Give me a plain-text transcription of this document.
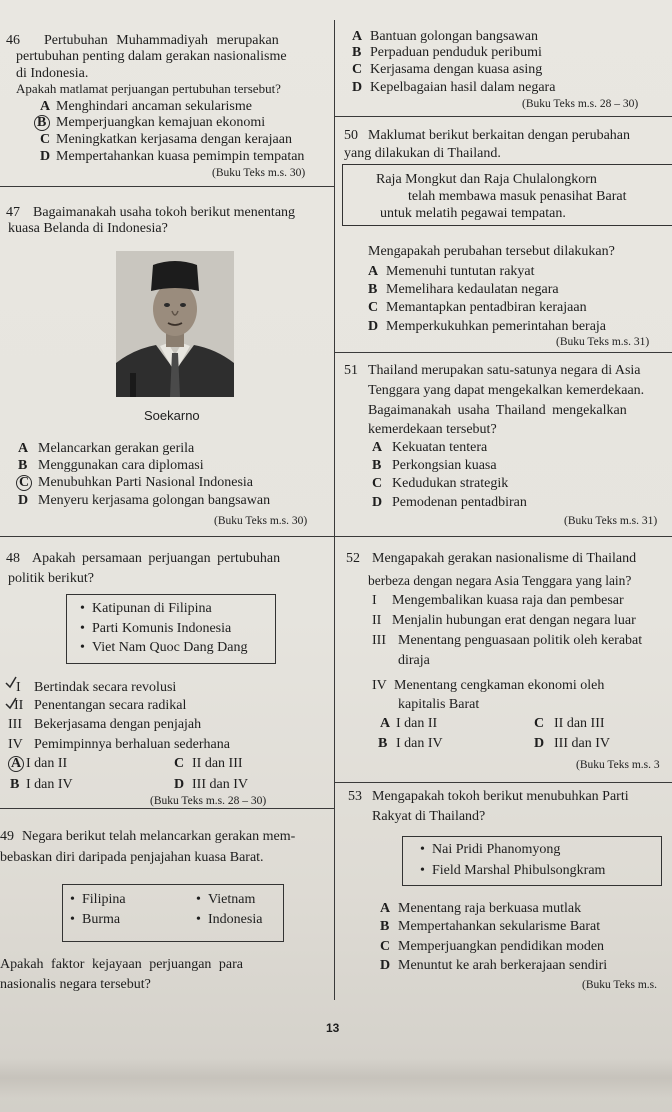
46 Pertubuhan Muhammadiyah merupakan
pertubuhan penting dalam gerakan nasionalisme
di Indonesia.
Apakah matlamat perjuangan pertubuhan tersebut?
A Menghindari ancaman sekularisme
B Memperjuangkan kemajuan ekonomi
C Meningkatkan kerjasama dengan kerajaan
D Mempertahankan kuasa pemimpin tempatan
(Buku Teks m.s. 30)
47 Bagaimanakah usaha tokoh berikut menentang
kuasa Belanda di Indonesia?
Soekarno
A Melancarkan gerakan gerila
B Menggunakan cara diplomasi
C Menubuhkan Parti Nasional Indonesia
D Menyeru kerjasama golongan bangsawan
(Buku Teks m.s. 30)
48 Apakah persamaan perjuangan pertubuhan
politik berikut?
• Katipunan di Filipina
• Parti Komunis Indonesia
• Viet Nam Quoc Dang Dang
I Bertindak secara revolusi
II Penentangan secara radikal
III Bekerjasama dengan penjajah
IV Pemimpinnya berhaluan sederhana
A I dan II	C II dan III
B I dan IV	D III dan IV
(Buku Teks m.s. 28 – 30)
49 Negara berikut telah melancarkan gerakan mem-
bebaskan diri daripada penjajahan kuasa Barat.
• Filipina	• Vietnam
• Burma	• Indonesia
Apakah faktor kejayaan perjuangan para
nasionalis negara tersebut?
A Bantuan golongan bangsawan
B Perpaduan penduduk peribumi
C Kerjasama dengan kuasa asing
D Kepelbagaian hasil dalam negara
(Buku Teks m.s. 28 – 30)
50 Maklumat berikut berkaitan dengan perubahan
yang dilakukan di Thailand.
Raja Mongkut dan Raja Chulalongkorn
telah membawa masuk penasihat Barat
untuk melatih pegawai tempatan.
Mengapakah perubahan tersebut dilakukan?
A Memenuhi tuntutan rakyat
B Memelihara kedaulatan negara
C Memantapkan pentadbiran kerajaan
D Memperkukuhkan pemerintahan beraja
(Buku Teks m.s. 31)
51 Thailand merupakan satu-satunya negara di Asia
Tenggara yang dapat mengekalkan kemerdekaan.
Bagaimanakah usaha Thailand mengekalkan
kemerdekaan tersebut?
A Kekuatan tentera
B Perkongsian kuasa
C Kedudukan strategik
D Pemodenan pentadbiran
(Buku Teks m.s. 31)
52 Mengapakah gerakan nasionalisme di Thailand
berbeza dengan negara Asia Tenggara yang lain?
I Mengembalikan kuasa raja dan pembesar
II Menjalin hubungan erat dengan negara luar
III Menentang penguasaan politik oleh kerabat
diraja
IV Menentang cengkaman ekonomi oleh
kapitalis Barat
A I dan II	C II dan III
B I dan IV	D III dan IV
(Buku Teks m.s. 3
53 Mengapakah tokoh berikut menubuhkan Parti
Rakyat di Thailand?
• Nai Pridi Phanomyong
• Field Marshal Phibulsongkram
A Menentang raja berkuasa mutlak
B Mempertahankan sekularisme Barat
C Memperjuangkan pendidikan moden
D Menuntut ke arah berkerajaan sendiri
(Buku Teks m.s.
13
